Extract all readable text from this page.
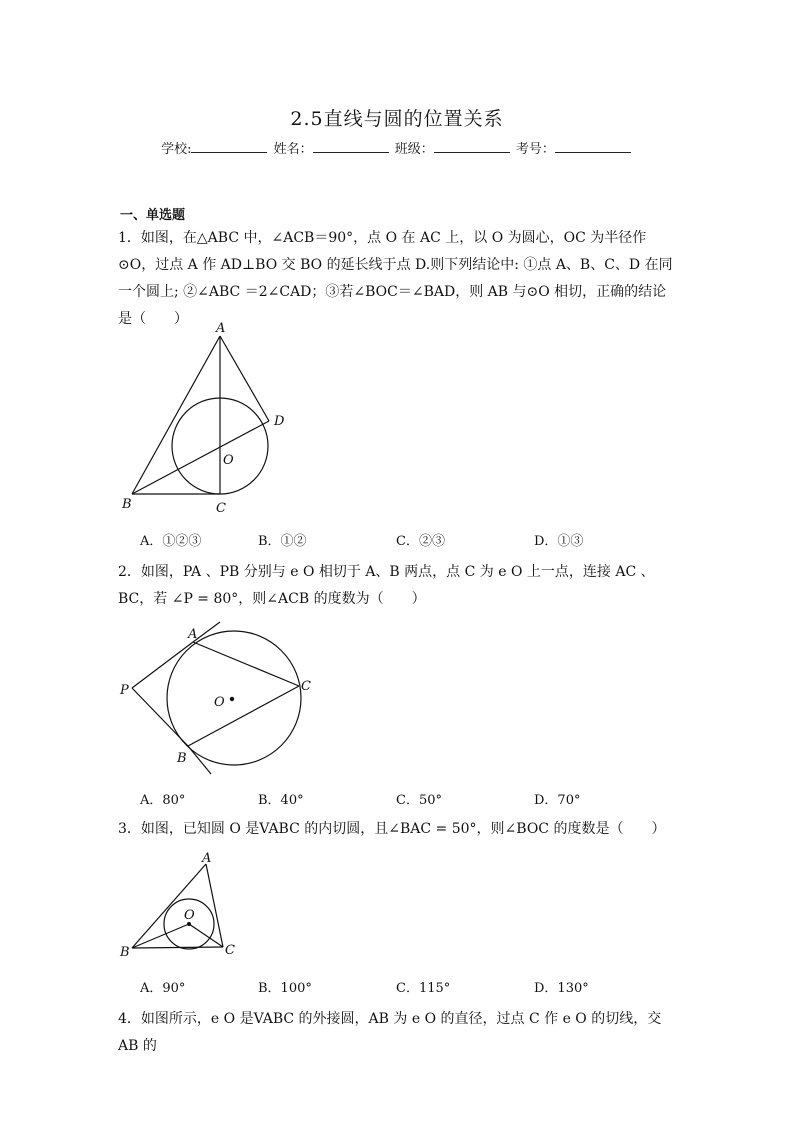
2.5直线与圆的位置关系
学校:	姓名：	班级：	考号：
一、单选题
1．如图，在△ABC 中，∠ACB＝90°，点 O 在 AC 上，以 O 为圆心，OC 为半径作⊙O，过点 A 作 AD⊥BO 交 BO 的延长线于点 D.则下列结论中: ①点 A、B、C、D 在同一个圆上; ②∠ABC ＝2∠CAD；③若∠BOC＝∠BAD，则 AB 与⊙O 相切，正确的结论是（　　）
A
B	C
D
O
A．①②③	B．①②	C．②③	D．①③
2．如图，PA 、PB 分别与 e O 相切于 A、B 两点，点 C 为 e O 上一点，连接 AC 、BC，若 ∠P = 80°，则∠ACB 的度数为（　　）
A
B
C
P
O
A．80°	B．40°	C．50°	D．70°
3．如图，已知圆 O 是VABC 的内切圆，且∠BAC = 50°，则∠BOC 的度数是（　　）
A
B	C
O
A．90°	B．100°	C．115°	D．130°
4．如图所示，e O 是VABC 的外接圆，AB 为 e O 的直径，过点 C 作 e O 的切线，交 AB 的
